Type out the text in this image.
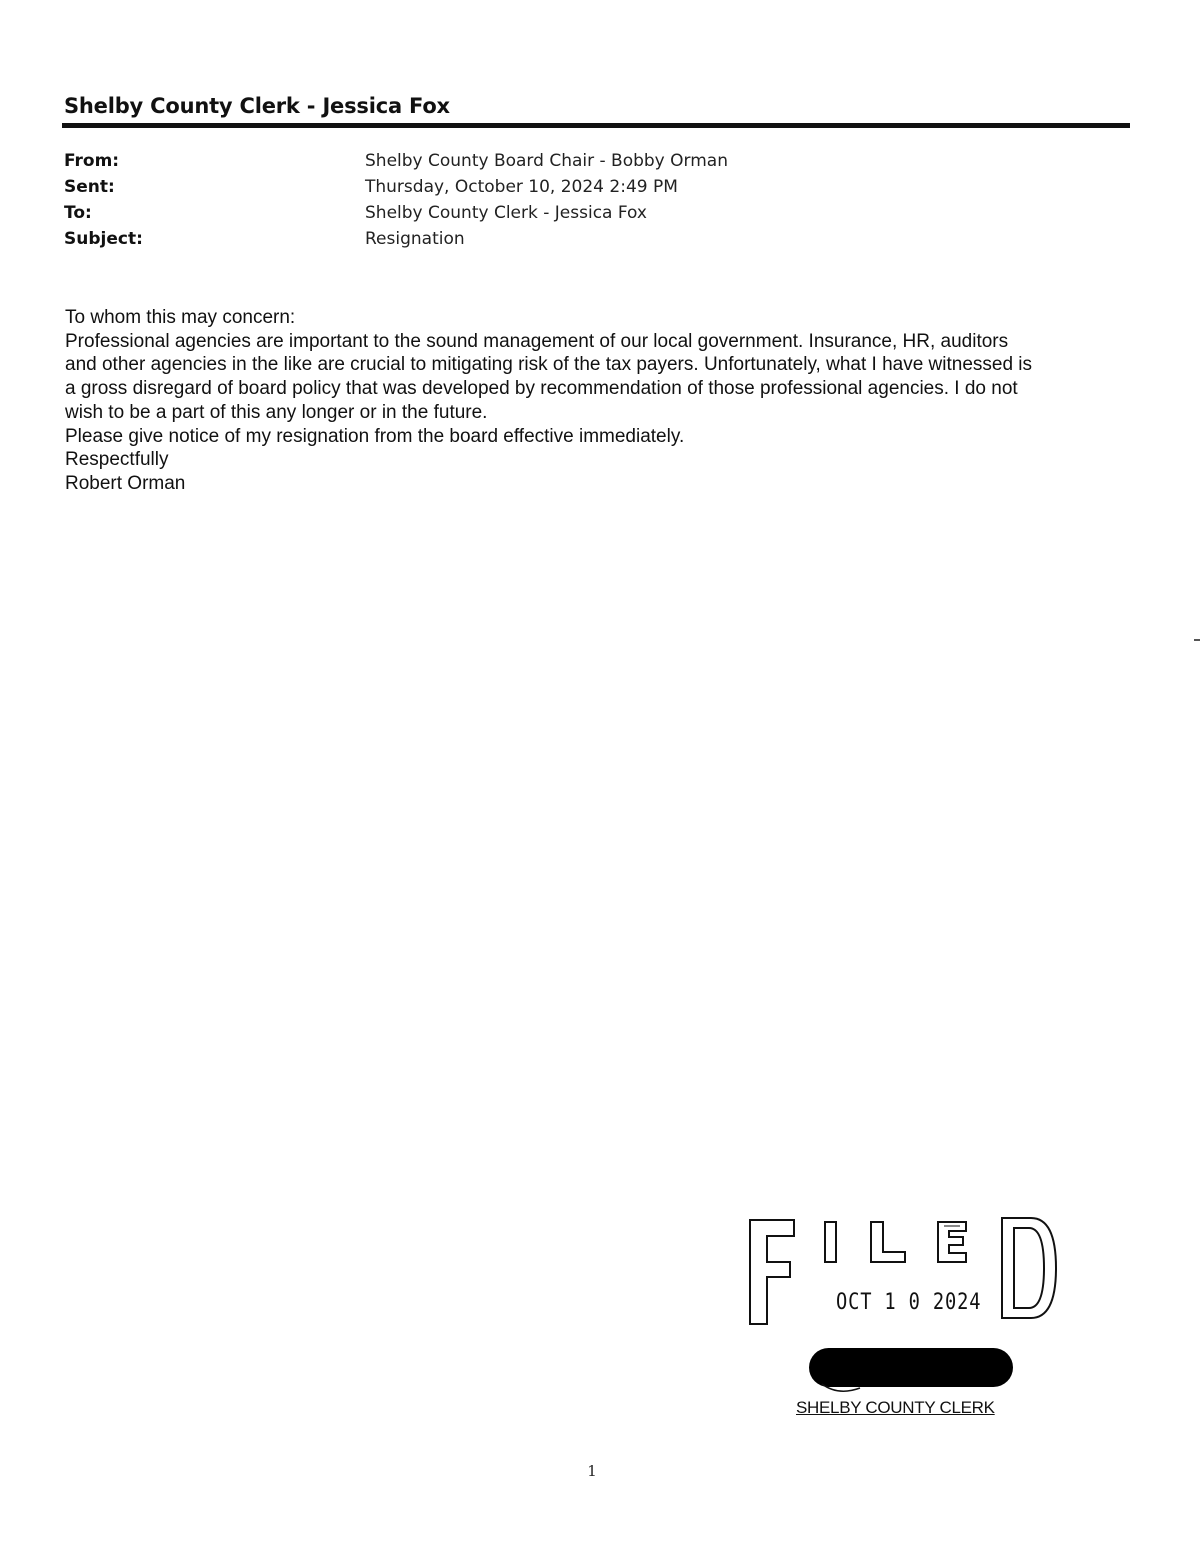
Shelby County Clerk - Jessica Fox
From:	Shelby County Board Chair - Bobby Orman
Sent:	Thursday, October 10, 2024 2:49 PM
To:	Shelby County Clerk - Jessica Fox
Subject:	Resignation
To whom this may concern:
Professional agencies are important to the sound management of our local government. Insurance, HR, auditors
and other agencies in the like are crucial to mitigating risk of the tax payers. Unfortunately, what I have witnessed is
a gross disregard of board policy that was developed by recommendation of those professional agencies. I do not
wish to be a part of this any longer or in the future.
Please give notice of my resignation from the board effective immediately.
Respectfully
Robert Orman
OCT 1 0 2024
SHELBY COUNTY CLERK
1
